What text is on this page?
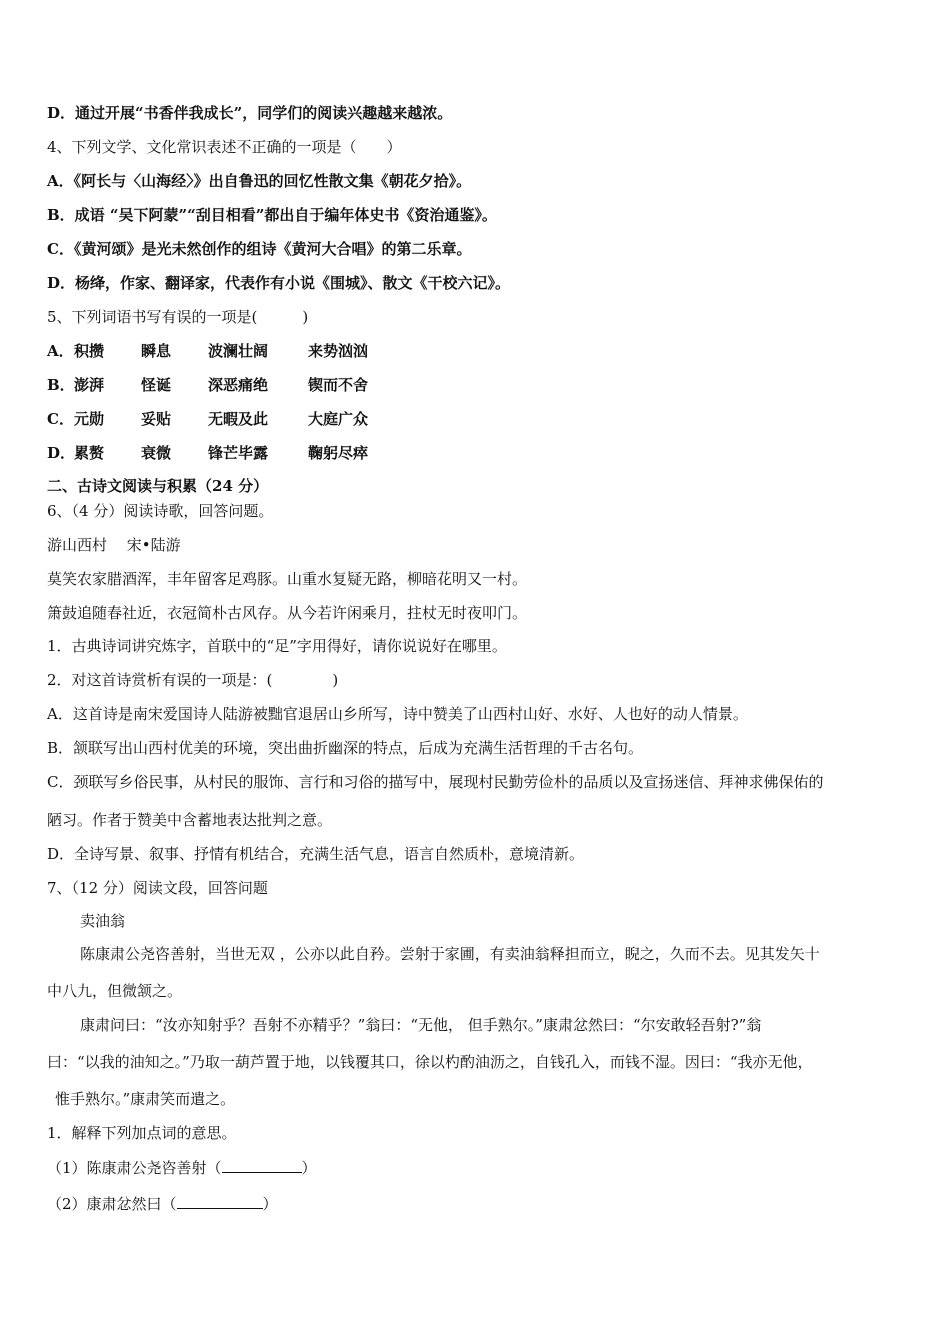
D．通过开展“书香伴我成长”，同学们的阅读兴趣越来越浓。
4、下列文学、文化常识表述不正确的一项是（　　）
A．《阿长与〈山海经〉》出自鲁迅的回忆性散文集《朝花夕拾》。
B．成语 “吴下阿蒙”“刮目相看”都出自于编年体史书《资治通鉴》。
C．《黄河颂》是光未然创作的组诗《黄河大合唱》的第二乐章。
D．杨绛，作家、翻译家，代表作有小说《围城》、散文《干校六记》。
5、下列词语书写有误的一项是(　　　)
A．积攒 瞬息 波澜壮阔	来势汹汹
B．澎湃 怪诞 深恶痛绝	锲而不舍
C．元勋 妥贴 无暇及此	大庭广众
D．累赘 衰微 锋芒毕露	鞠躬尽瘁
二、古诗文阅读与积累（24 分）
6、（4 分）阅读诗歌，回答问题。
游山西村　 宋•陆游
莫笑农家腊酒浑，丰年留客足鸡豚。山重水复疑无路，柳暗花明又一村。
箫鼓追随春社近，衣冠简朴古风存。从今若许闲乘月，拄杖无时夜叩门。
1．古典诗词讲究炼字，首联中的“足”字用得好，请你说说好在哪里。
2．对这首诗赏析有误的一项是：(　　　　)
A．这首诗是南宋爱国诗人陆游被黜官退居山乡所写，诗中赞美了山西村山好、水好、人也好的动人情景。
B．颔联写出山西村优美的环境，突出曲折幽深的特点，后成为充满生活哲理的千古名句。
C．颈联写乡俗民事，从村民的服饰、言行和习俗的描写中，展现村民勤劳俭朴的品质以及宣扬迷信、拜神求佛保佑的
陋习。作者于赞美中含蓄地表达批判之意。
D．全诗写景、叙事、抒情有机结合，充满生活气息，语言自然质朴，意境清新。
7、（12 分）阅读文段，回答问题
卖油翁
陈康肃公尧咨善射，当世无双 ，公亦以此自矜。尝射于家圃，有卖油翁释担而立，睨之，久而不去。见其发矢十
中八九，但微颔之。
康肃问曰：“汝亦知射乎？吾射不亦精乎？”翁曰：“无他， 但手熟尔。”康肃忿然曰：“尔安敢轻吾射?”翁
曰：“以我的油知之。”乃取一葫芦置于地，以钱覆其口，徐以杓酌油沥之，自钱孔入，而钱不湿。因曰：“我亦无他，
惟手熟尔。”康肃笑而遣之。
1．解释下列加点词的意思。
（1）陈康肃公尧咨善射（	）
（2）康肃忿然曰（	）
